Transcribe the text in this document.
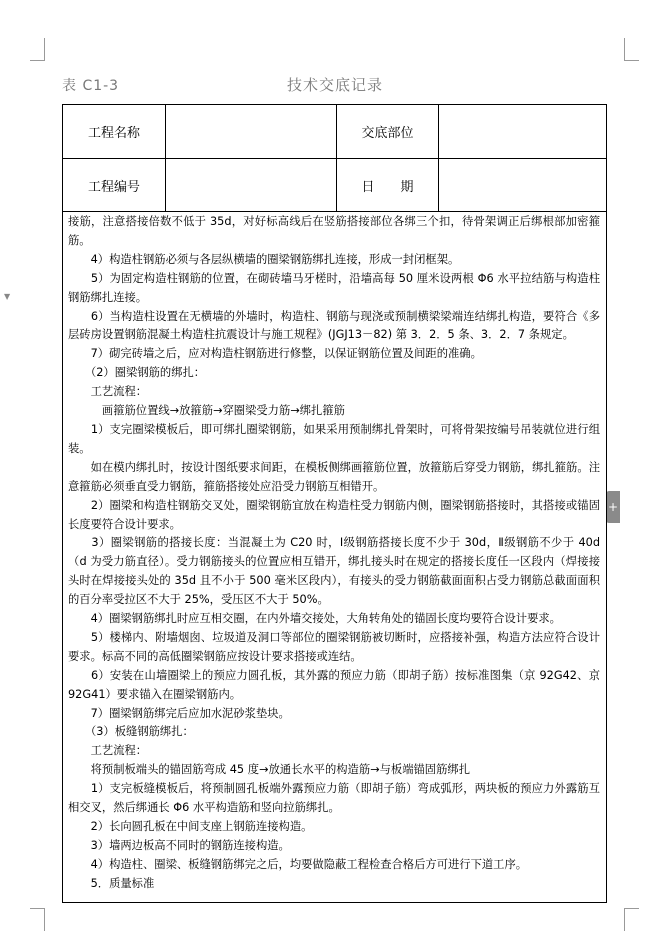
▼
+
表 C1-3	技术交底记录
工程名称		交底部位	
工程编号		日　　期	

接筋，注意搭接倍数不低于 35d，对好标高线后在竖筋搭接部位各绑三个扣，待骨架调正后绑根部加密箍筋。

　　4）构造柱钢筋必须与各层纵横墙的圈梁钢筋绑扎连接，形成一封闭框架。

　　5）为固定构造柱钢筋的位置，在砌砖墙马牙槎时，沿墙高每 50 厘米设两根 Φ6 水平拉结筋与构造柱钢筋绑扎连接。

　　6）当构造柱设置在无横墙的外墙时，构造柱、钢筋与现浇或预制横梁梁端连结绑扎构造，要符合《多层砖房设置钢筋混凝土构造柱抗震设计与施工规程》(JGJ13－82) 第 3．2．5 条、3．2．7 条规定。

　　7）砌完砖墙之后，应对构造柱钢筋进行修整，以保证钢筋位置及间距的准确。

　　（2）圈梁钢筋的绑扎：

　　工艺流程：

　　　画箍筋位置线→放箍筋→穿圈梁受力筋→绑扎箍筋

　　1）支完圈梁模板后，即可绑扎圈梁钢筋，如果采用预制绑扎骨架时，可将骨架按编号吊装就位进行组装。

　　如在模内绑扎时，按设计图纸要求间距，在模板侧绑画箍筋位置，放箍筋后穿受力钢筋，绑扎箍筋。注意箍筋必须垂直受力钢筋，箍筋搭接处应沿受力钢筋互相错开。

　　2）圈梁和构造柱钢筋交叉处，圈梁钢筋宜放在构造柱受力钢筋内侧，圈梁钢筋搭接时，其搭接或锚固长度要符合设计要求。

　　3）圈梁钢筋的搭接长度：当混凝土为 C20 时，Ⅰ级钢筋搭接长度不少于 30d，Ⅱ级钢筋不少于 40d（d 为受力筋直径）。受力钢筋接头的位置应相互错开，绑扎接头时在规定的搭接长度任一区段内（焊接接头时在焊接接头处的 35d 且不小于 500 毫米区段内），有接头的受力钢筋截面面积占受力钢筋总截面面积的百分率受拉区不大于 25%，受压区不大于 50%。

　　4）圈梁钢筋绑扎时应互相交圈，在内外墙交接处，大角转角处的锚固长度均要符合设计要求。

　　5）楼梯内、附墙烟囱、垃圾道及洞口等部位的圈梁钢筋被切断时，应搭接补强，构造方法应符合设计要求。标高不同的高低圈梁钢筋应按设计要求搭接或连结。

　　6）安装在山墙圈梁上的预应力圆孔板，其外露的预应力筋（即胡子筋）按标准图集（京 92G42、京 92G41）要求锚入在圈梁钢筋内。

　　7）圈梁钢筋绑完后应加水泥砂浆垫块。

　　（3）板缝钢筋绑扎：

　　工艺流程：

　　将预制板端头的锚固筋弯成 45 度→放通长水平的构造筋→与板端锚固筋绑扎

　　1）支完板缝模板后，将预制圆孔板端外露预应力筋（即胡子筋）弯成弧形，两块板的预应力外露筋互相交叉，然后绑通长 Φ6 水平构造筋和竖向拉筋绑扎。

　　2）长向圆孔板在中间支座上钢筋连接构造。

　　3）墙两边板高不同时的钢筋连接构造。

　　4）构造柱、圈梁、板缝钢筋绑完之后，均要做隐蔽工程检查合格后方可进行下道工序。

　　5．质量标准
